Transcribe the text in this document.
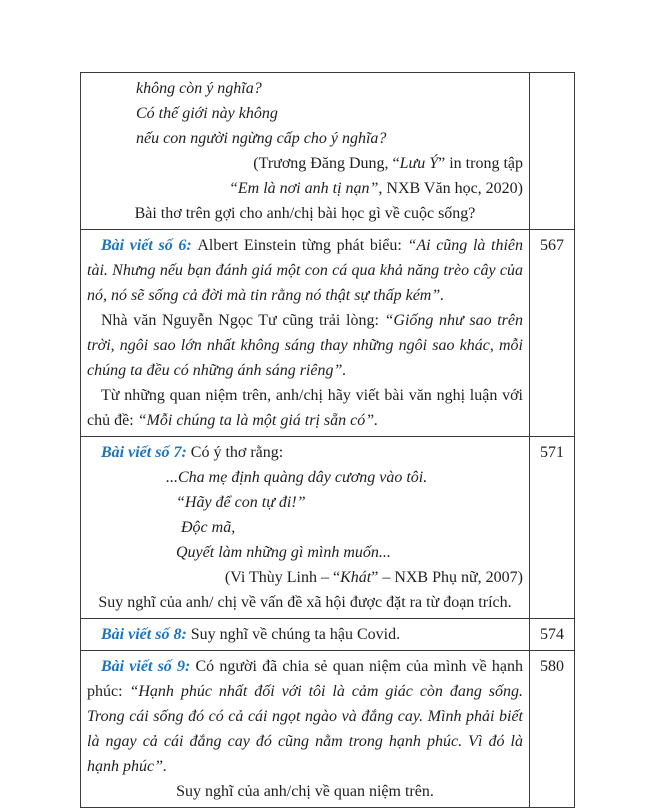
không còn ý nghĩa?
Có thế giới này không
nếu con người ngừng cấp cho ý nghĩa?
(Trương Đăng Dung, “Lưu Ý” in trong tập
“Em là nơi anh tị nạn”, NXB Văn học, 2020)
Bài thơ trên gợi cho anh/chị bài học gì về cuộc sống?

Bài viết số 6: Albert Einstein từng phát biểu: “Ai cũng là thiên tài. Nhưng nếu bạn đánh giá một con cá qua khả năng trèo cây của nó, nó sẽ sống cả đời mà tin rằng nó thật sự thấp kém”.
Nhà văn Nguyễn Ngọc Tư cũng trải lòng: “Giống như sao trên trời, ngôi sao lớn nhất không sáng thay những ngôi sao khác, mỗi chúng ta đều có những ánh sáng riêng”.
Từ những quan niệm trên, anh/chị hãy viết bài văn nghị luận với chủ đề: “Mỗi chúng ta là một giá trị sẵn có”.	567

Bài viết số 7: Có ý thơ rằng:
...Cha mẹ định quàng dây cương vào tôi.
“Hãy để con tự đi!”
Độc mã,
Quyết làm những gì mình muốn...
(Vi Thùy Linh – “Khát” – NXB Phụ nữ, 2007)
Suy nghĩ của anh/ chị về vấn đề xã hội được đặt ra từ đoạn trích.
	571

Bài viết số 8: Suy nghĩ về chúng ta hậu Covid.	574

Bài viết số 9: Có người đã chia sẻ quan niệm của mình về hạnh phúc: “Hạnh phúc nhất đối với tôi là cảm giác còn đang sống. Trong cái sống đó có cả cái ngọt ngào và đắng cay. Mình phải biết là ngay cả cái đắng cay đó cũng nằm trong hạnh phúc. Vì đó là hạnh phúc”.
Suy nghĩ của anh/chị về quan niệm trên.	580
